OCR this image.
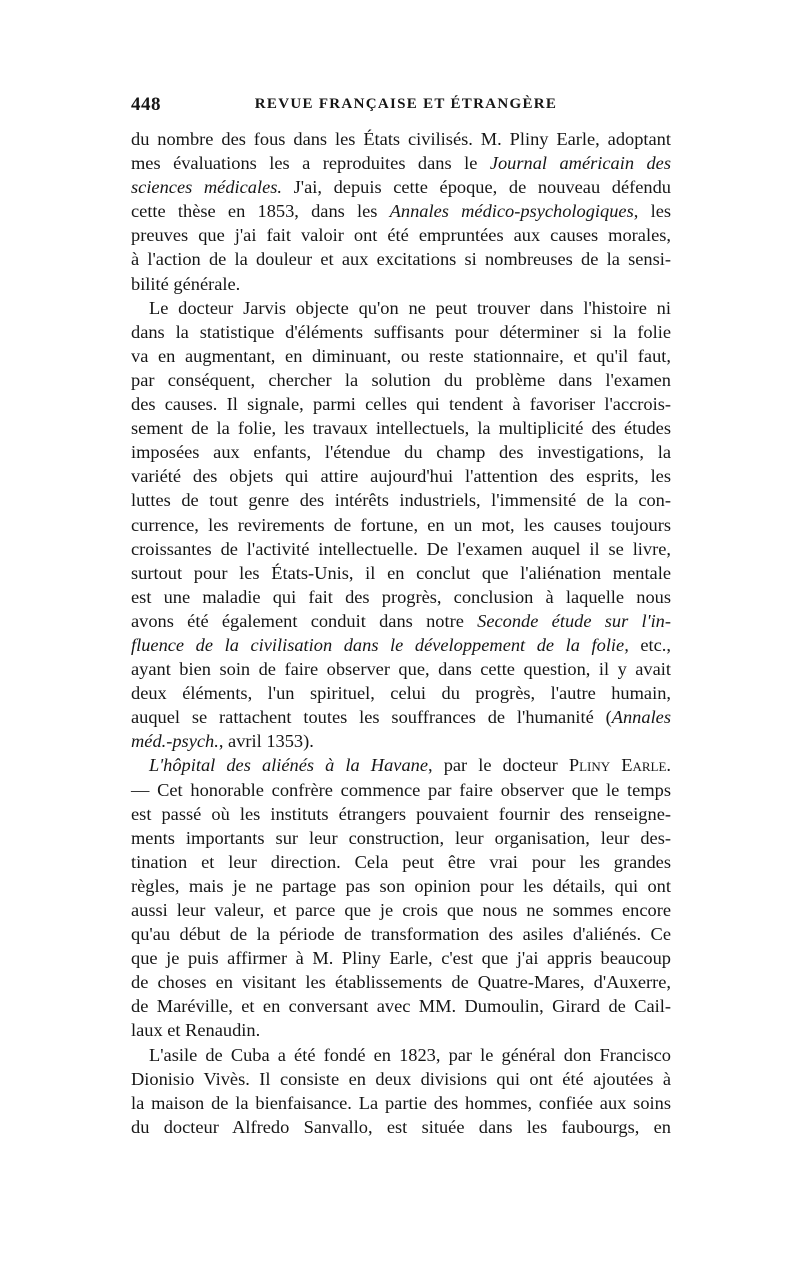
448	REVUE FRANÇAISE ET ÉTRANGÈRE

du nombre des fous dans les États civilisés. M. Pliny Earle, adoptant
mes évaluations les a reproduites dans le Journal américain des
sciences médicales. J'ai, depuis cette époque, de nouveau défendu
cette thèse en 1853, dans les Annales médico-psychologiques, les
preuves que j'ai fait valoir ont été empruntées aux causes morales,
à l'action de la douleur et aux excitations si nombreuses de la sensi-
bilité générale.

Le docteur Jarvis objecte qu'on ne peut trouver dans l'histoire ni
dans la statistique d'éléments suffisants pour déterminer si la folie
va en augmentant, en diminuant, ou reste stationnaire, et qu'il faut,
par conséquent, chercher la solution du problème dans l'examen
des causes. Il signale, parmi celles qui tendent à favoriser l'accrois-
sement de la folie, les travaux intellectuels, la multiplicité des études
imposées aux enfants, l'étendue du champ des investigations, la
variété des objets qui attire aujourd'hui l'attention des esprits, les
luttes de tout genre des intérêts industriels, l'immensité de la con-
currence, les revirements de fortune, en un mot, les causes toujours
croissantes de l'activité intellectuelle. De l'examen auquel il se livre,
surtout pour les États-Unis, il en conclut que l'aliénation mentale
est une maladie qui fait des progrès, conclusion à laquelle nous
avons été également conduit dans notre Seconde étude sur l'in-
fluence de la civilisation dans le développement de la folie, etc.,
ayant bien soin de faire observer que, dans cette question, il y avait
deux éléments, l'un spirituel, celui du progrès, l'autre humain,
auquel se rattachent toutes les souffrances de l'humanité (Annales
méd.-psych., avril 1353).

L'hôpital des aliénés à la Havane, par le docteur Pliny Earle.
— Cet honorable confrère commence par faire observer que le temps
est passé où les instituts étrangers pouvaient fournir des renseigne-
ments importants sur leur construction, leur organisation, leur des-
tination et leur direction. Cela peut être vrai pour les grandes
règles, mais je ne partage pas son opinion pour les détails, qui ont
aussi leur valeur, et parce que je crois que nous ne sommes encore
qu'au début de la période de transformation des asiles d'aliénés. Ce
que je puis affirmer à M. Pliny Earle, c'est que j'ai appris beaucoup
de choses en visitant les établissements de Quatre-Mares, d'Auxerre,
de Maréville, et en conversant avec MM. Dumoulin, Girard de Cail-
laux et Renaudin.

L'asile de Cuba a été fondé en 1823, par le général don Francisco
Dionisio Vivès. Il consiste en deux divisions qui ont été ajoutées à
la maison de la bienfaisance. La partie des hommes, confiée aux soins
du docteur Alfredo Sanvallo, est située dans les faubourgs, en
